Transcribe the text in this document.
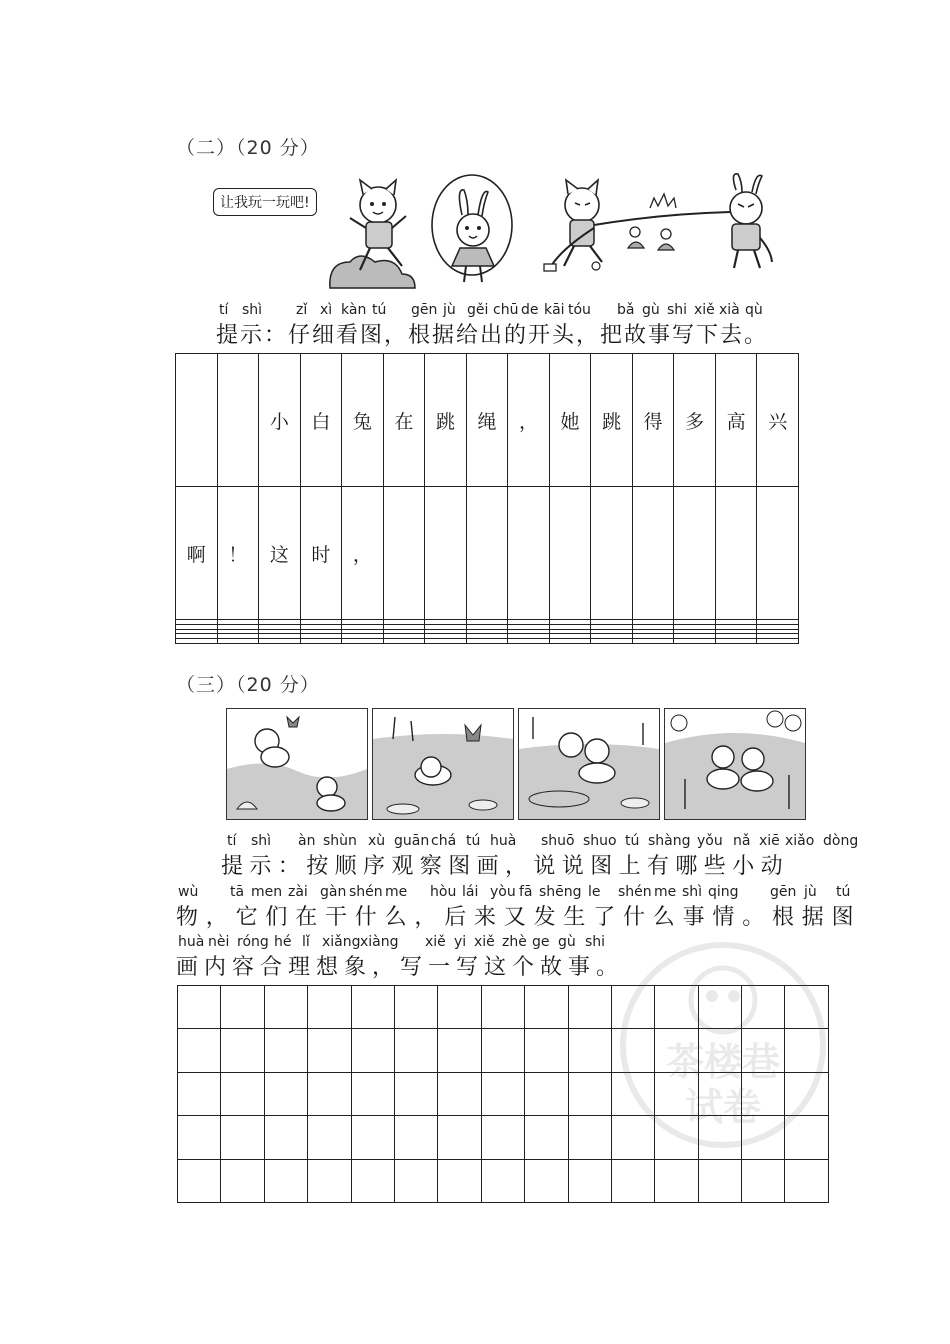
（二）（20 分）
让我玩一玩吧!
tí shì zǐ xì kàn tú gēn jù gěi chū de kāi tóu bǎ gù shi xiě xià qù
提示：仔细看图，根据给出的开头，把故事写下去。
		小	白	兔	在	跳	绳	，	她	跳	得	多	高	兴
啊	！	这	时	，										

（三）（20 分）
tí shì àn shùn xù guān chá tú huà shuō shuo tú shàng yǒu nǎ xiē xiǎo dòng
提示：按顺序观察图画，说说图上有哪些小动
wù tā men zài gàn shén me hòu lái yòu fā shēng le shén me shì qing gēn jù tú
物，它们在干什么，后来又发生了什么事情。根据图
huà nèi róng hé lǐ xiǎng xiàng xiě yi xiě zhè ge gù shi
画内容合理想象，写一写这个故事。

茶楼巷
试卷
